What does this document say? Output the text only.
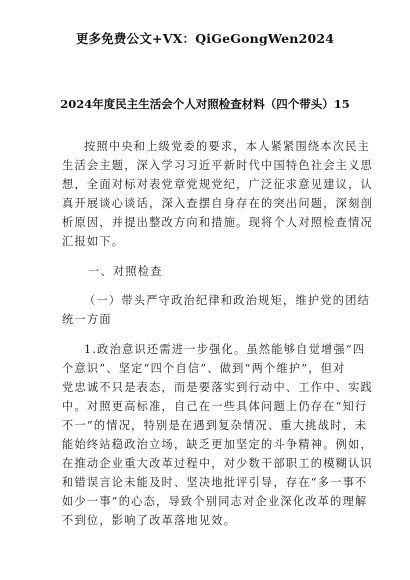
更多免费公文+VX：QiGeGongWen2024
2024年度民主生活会个人对照检查材料（四个带头）15

按照中央和上级党委的要求，本人紧紧围绕本次民主

生活会主题，深入学习习近平新时代中国特色社会主义思

想，全面对标对表党章党规党纪，广泛征求意见建议，认

真开展谈心谈话，深入查摆自身存在的突出问题，深刻剖

析原因，并提出整改方向和措施。现将个人对照检查情况

汇报如下。

一、对照检查

（一）带头严守政治纪律和政治规矩，维护党的团结

统一方面

1.政治意识还需进一步强化。虽然能够自觉增强“四

个意识”、坚定“四个自信”、做到“两个维护”，但对

党忠诚不只是表态，而是要落实到行动中、工作中、实践

中。对照更高标准，自己在一些具体问题上仍存在“知行

不一”的情况，特别是在遇到复杂情况、重大挑战时，未

能始终站稳政治立场，缺乏更加坚定的斗争精神。例如，

在推动企业重大改革过程中，对少数干部职工的模糊认识

和错误言论未能及时、坚决地批评引导，存在“多一事不

如少一事”的心态，导致个别同志对企业深化改革的理解

不到位，影响了改革落地见效。
